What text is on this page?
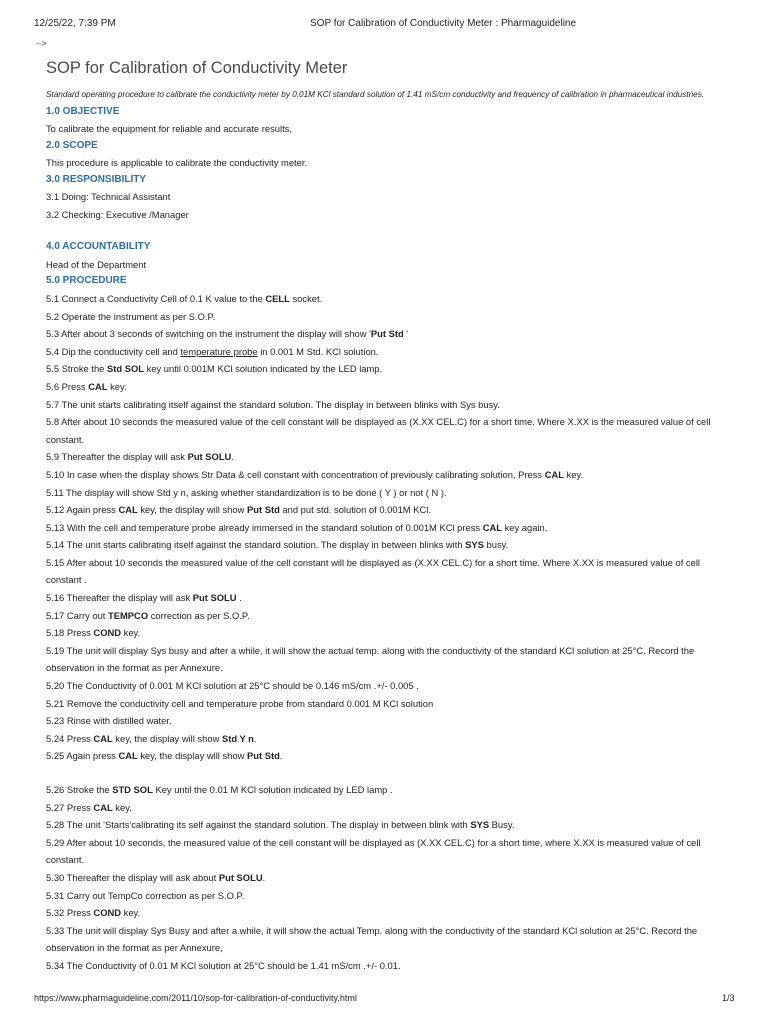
12/25/22, 7:39 PM	SOP for Calibration of Conductivity Meter : Pharmaguideline
-->
SOP for Calibration of Conductivity Meter

Standard operating procedure to calibrate the conductivity meter by 0.01M KCl standard solution of 1.41 mS/cm conductivity and frequency of calibration in pharmaceutical industries.

1.0 OBJECTIVE

To calibrate the equipment for reliable and accurate results.

2.0 SCOPE

This procedure is applicable to calibrate the conductivity meter.

3.0 RESPONSIBILITY

3.1 Doing: Technical Assistant

3.2 Checking: Executive /Manager

4.0 ACCOUNTABILITY

Head of the Department

5.0 PROCEDURE

5.1 Connect a Conductivity Cell of 0.1 K value to the CELL socket.

5.2 Operate the instrument as per S.O.P.

5.3 After about 3 seconds of switching on the instrument the display will show 'Put Std '

5.4 Dip the conductivity cell and temperature probe in 0.001 M Std. KCl solution.

5.5 Stroke the Std SOL key until 0.001M KCl solution indicated by the LED lamp.

5.6 Press CAL key.

5.7 The unit starts calibrating itself against the standard solution. The display in between blinks with Sys busy.

5.8 After about 10 seconds the measured value of the cell constant will be displayed as (X.XX CEL.C) for a short time. Where X.XX is the measured value of cell constant.

5.9 Thereafter the display will ask Put SOLU.

5.10 In case when the display shows Str Data & cell constant with concentration of previously calibrating solution, Press CAL key.

5.11 The display will show Std y n, asking whether standardization is to be done ( Y ) or not ( N ).

5.12 Again press CAL key, the display will show Put Std and put std. solution of 0.001M KCl.

5.13 With the cell and temperature probe already immersed in the standard solution of 0.001M KCl press CAL key again.

5.14 The unit starts calibrating itself against the standard solution. The display in between blinks with SYS busy.

5.15 After about 10 seconds the measured value of the cell constant will be displayed as (X.XX CEL.C) for a short time. Where X.XX is measured value of cell constant .

5.16 Thereafter the display will ask Put SOLU .

5.17 Carry out TEMPCO correction as per S.O.P.

5.18 Press COND key.

5.19 The unit will display Sys busy and after a while, it will show the actual temp. along with the conductivity of the standard KCl solution at 25°C. Record the observation in the format as per Annexure.

5.20 The Conductivity of 0.001 M KCl solution at 25°C should be 0.146 mS/cm .+/- 0.005 .

5.21 Remove the conductivity cell and temperature probe from standard 0.001 M KCl solution

5.23 Rinse with distilled water.

5.24 Press CAL key, the display will show Std Y n.

5.25 Again press CAL key, the display will show Put Std.

5.26 Stroke the STD SOL Key until the 0.01 M KCl solution indicated by LED lamp .

5.27 Press CAL key.

5.28 The unit 'Starts'calibrating its self against the standard solution. The display in between blink with SYS Busy.

5.29 After about 10 seconds, the measured value of the cell constant will be displayed as (X.XX CEL.C) for a short time, where X.XX is measured value of cell constant.

5.30 Thereafter the display will ask about Put SOLU.

5.31 Carry out TempCo correction as per S.O.P.

5.32 Press COND key.

5.33 The unit will display Sys Busy and after a while, it will show the actual Temp. along with the conductivity of the standard KCl solution at 25°C. Record the observation in the format as per Annexure,

5.34 The Conductivity of 0.01 M KCl solution at 25°C should be 1.41 mS/cm .+/- 0.01.

https://www.pharmaguideline.com/2011/10/sop-for-calibration-of-conductivity.html	1/3
